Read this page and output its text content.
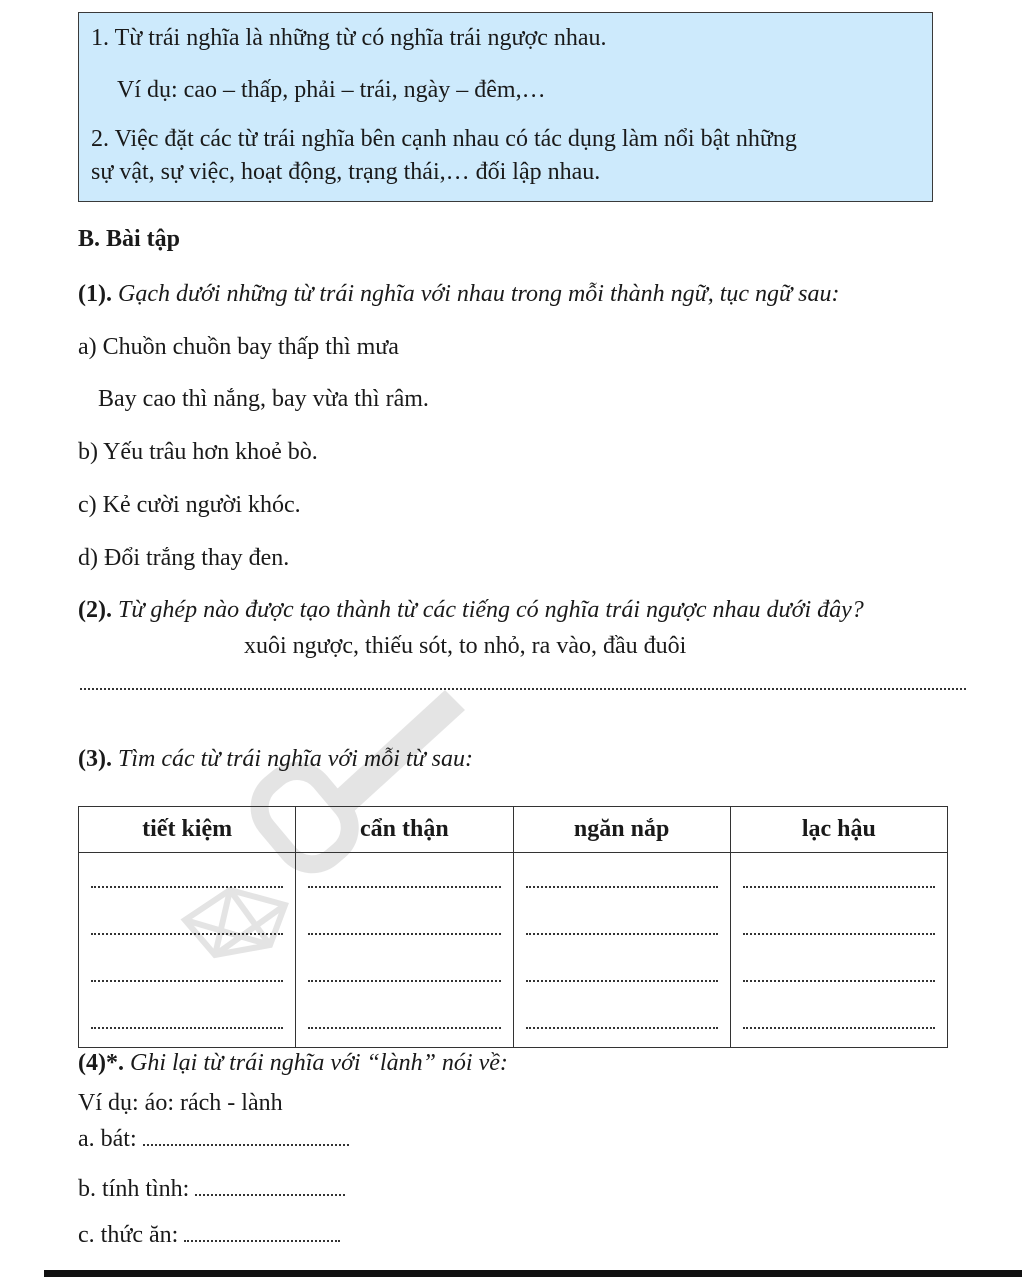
1. Từ trái nghĩa là những từ có nghĩa trái ngược nhau.
Ví dụ: cao – thấp, phải – trái, ngày – đêm,…
2. Việc đặt các từ trái nghĩa bên cạnh nhau có tác dụng làm nổi bật những
sự vật, sự việc, hoạt động, trạng thái,… đối lập nhau.
B. Bài tập
(1). Gạch dưới những từ trái nghĩa với nhau trong mỗi thành ngữ, tục ngữ sau:
a) Chuồn chuồn bay thấp thì mưa
Bay cao thì nắng, bay vừa thì râm.
b) Yếu trâu hơn khoẻ bò.
c) Kẻ cười người khóc.
d) Đổi trắng thay đen.
(2). Từ ghép nào được tạo thành từ các tiếng có nghĩa trái ngược nhau dưới đây?
xuôi ngược, thiếu sót, to nhỏ, ra vào, đầu đuôi
(3). Tìm các từ trái nghĩa với mỗi từ sau:
tiết kiệm	cẩn thận	ngăn nắp	lạc hậu

(4)*. Ghi lại từ trái nghĩa với “lành” nói về:
Ví dụ: áo: rách - lành
a. bát:
b. tính tình:
c. thức ăn:
